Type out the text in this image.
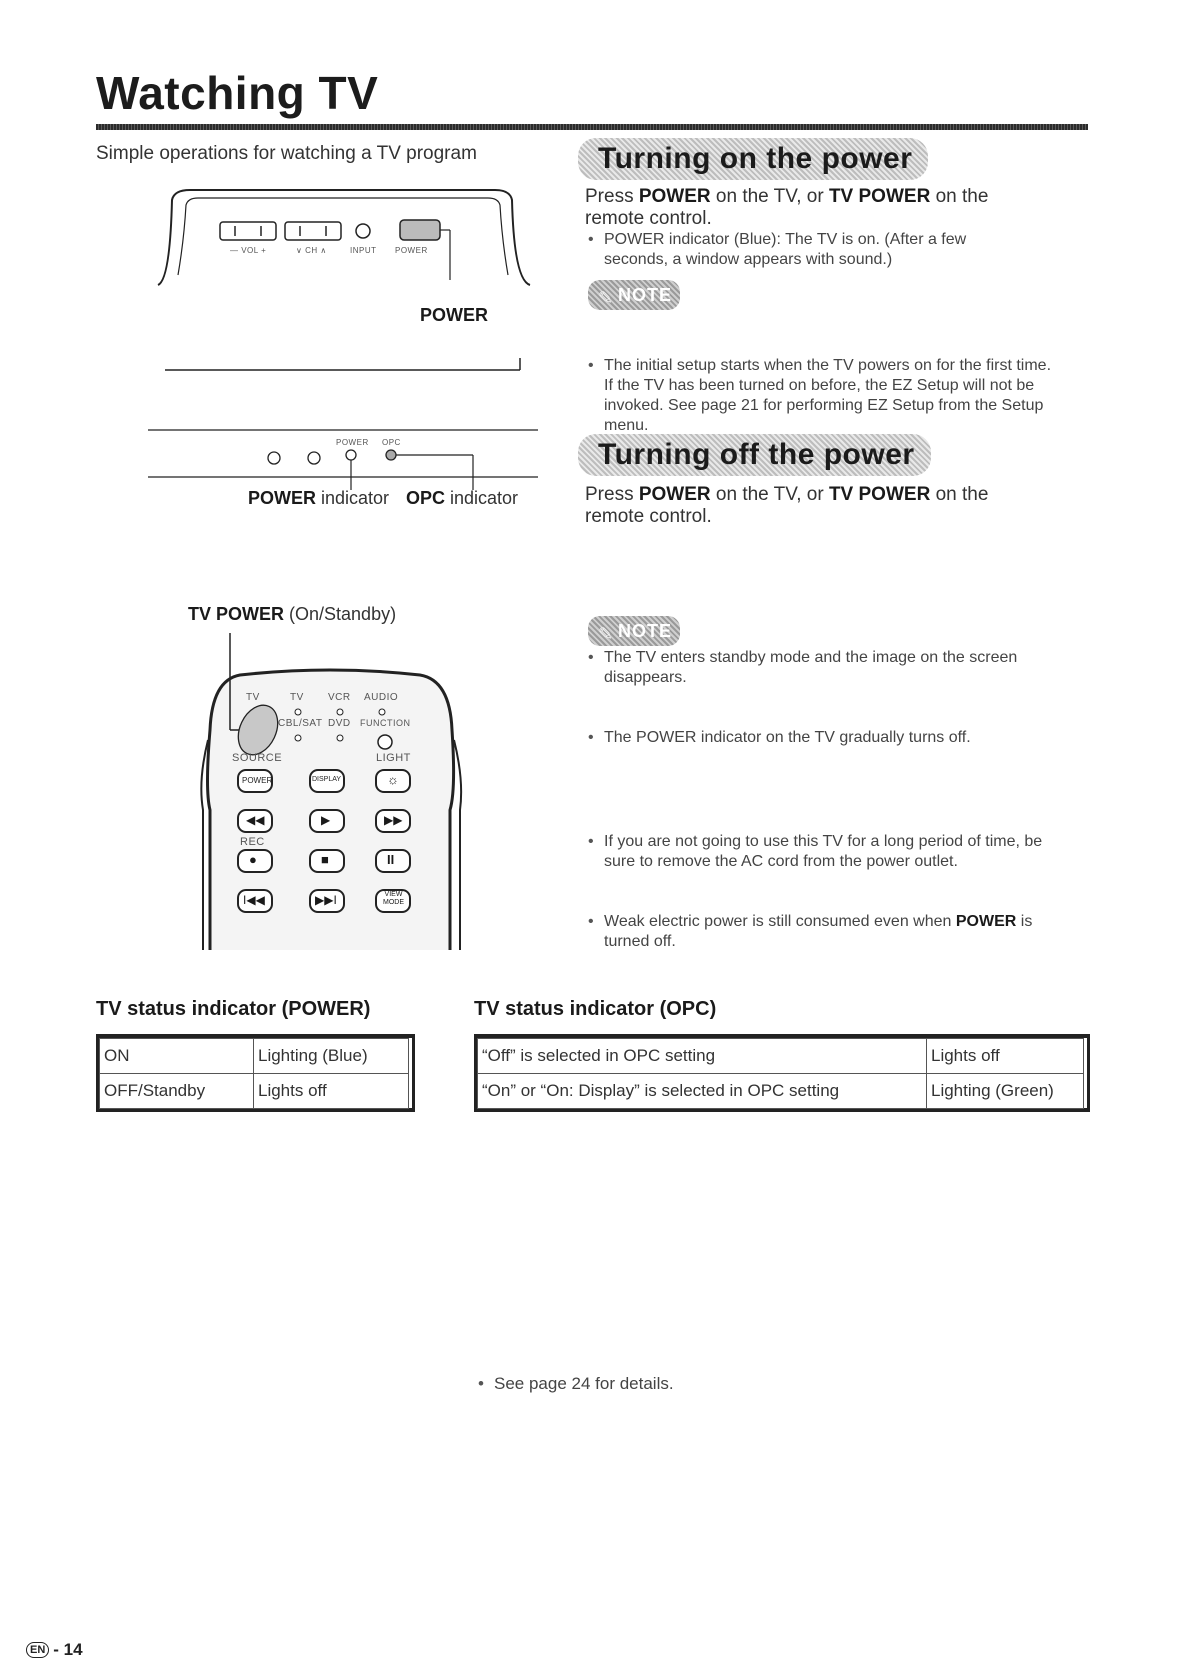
Watching TV
Simple operations for watching a TV program
— VOL +	∨ CH ∧	INPUT POWER
POWER
POWER OPC
POWER indicator OPC indicator
TV POWER (On/Standby)
TV	TV VCR AUDIO
CBL/SAT DVD FUNCTION
SOURCE	LIGHT
POWER	DISPLAY	☼
◀◀	▶	▶▶
REC
●	■	II
I◀◀	▶▶I	VIEW
MODE
Turning on the power
Press POWER on the TV, or TV POWER on the
remote control.
• POWER indicator (Blue): The TV is on. (After a few seconds, a window appears with sound.)
✎ NOTE
• The initial setup starts when the TV powers on for the first time. If the TV has been turned on before, the EZ Setup will not be invoked. See page 21 for performing EZ Setup from the Setup menu.
Turning off the power
Press POWER on the TV, or TV POWER on the
remote control.
• The TV enters standby mode and the image on the screen disappears.
• The POWER indicator on the TV gradually turns off.
✎ NOTE
• If you are not going to use this TV for a long period of time, be sure to remove the AC cord from the power outlet.
• Weak electric power is still consumed even when POWER is turned off.
TV status indicator (POWER)
ON	Lighting (Blue)
OFF/Standby	Lights off
TV status indicator (OPC)
“Off” is selected in OPC setting	Lights off
“On” or “On: Display” is selected in OPC setting	Lighting (Green)
• See page 24 for details.
EN - 14
